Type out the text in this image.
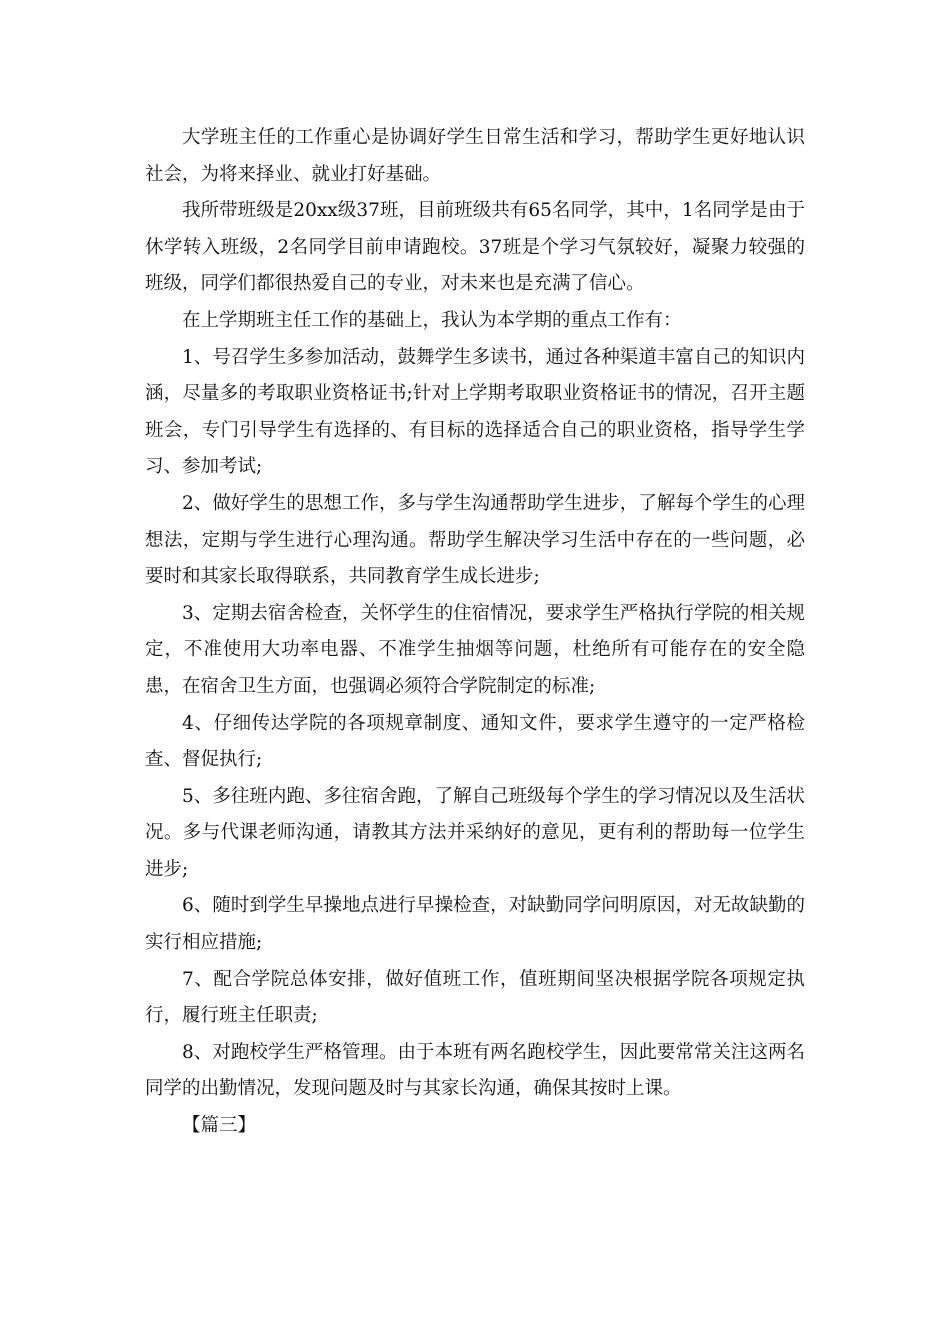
大学班主任的工作重心是协调好学生日常生活和学习，帮助学生更好地认识社会，为将来择业、就业打好基础。

我所带班级是20xx级37班，目前班级共有65名同学，其中，1名同学是由于休学转入班级，2名同学目前申请跑校。37班是个学习气氛较好，凝聚力较强的班级，同学们都很热爱自己的专业，对未来也是充满了信心。

在上学期班主任工作的基础上，我认为本学期的重点工作有：

1、号召学生多参加活动，鼓舞学生多读书，通过各种渠道丰富自己的知识内涵，尽量多的考取职业资格证书;针对上学期考取职业资格证书的情况，召开主题班会，专门引导学生有选择的、有目标的选择适合自己的职业资格，指导学生学习、参加考试;

2、做好学生的思想工作，多与学生沟通帮助学生进步，了解每个学生的心理想法，定期与学生进行心理沟通。帮助学生解决学习生活中存在的一些问题，必要时和其家长取得联系，共同教育学生成长进步;

3、定期去宿舍检查，关怀学生的住宿情况，要求学生严格执行学院的相关规定，不准使用大功率电器、不准学生抽烟等问题，杜绝所有可能存在的安全隐患，在宿舍卫生方面，也强调必须符合学院制定的标准;

4、仔细传达学院的各项规章制度、通知文件，要求学生遵守的一定严格检查、督促执行;

5、多往班内跑、多往宿舍跑，了解自己班级每个学生的学习情况以及生活状况。多与代课老师沟通，请教其方法并采纳好的意见，更有利的帮助每一位学生进步;

6、随时到学生早操地点进行早操检查，对缺勤同学问明原因，对无故缺勤的实行相应措施;

7、配合学院总体安排，做好值班工作，值班期间坚决根据学院各项规定执行，履行班主任职责;

8、对跑校学生严格管理。由于本班有两名跑校学生，因此要常常关注这两名同学的出勤情况，发现问题及时与其家长沟通，确保其按时上课。

【篇三】
